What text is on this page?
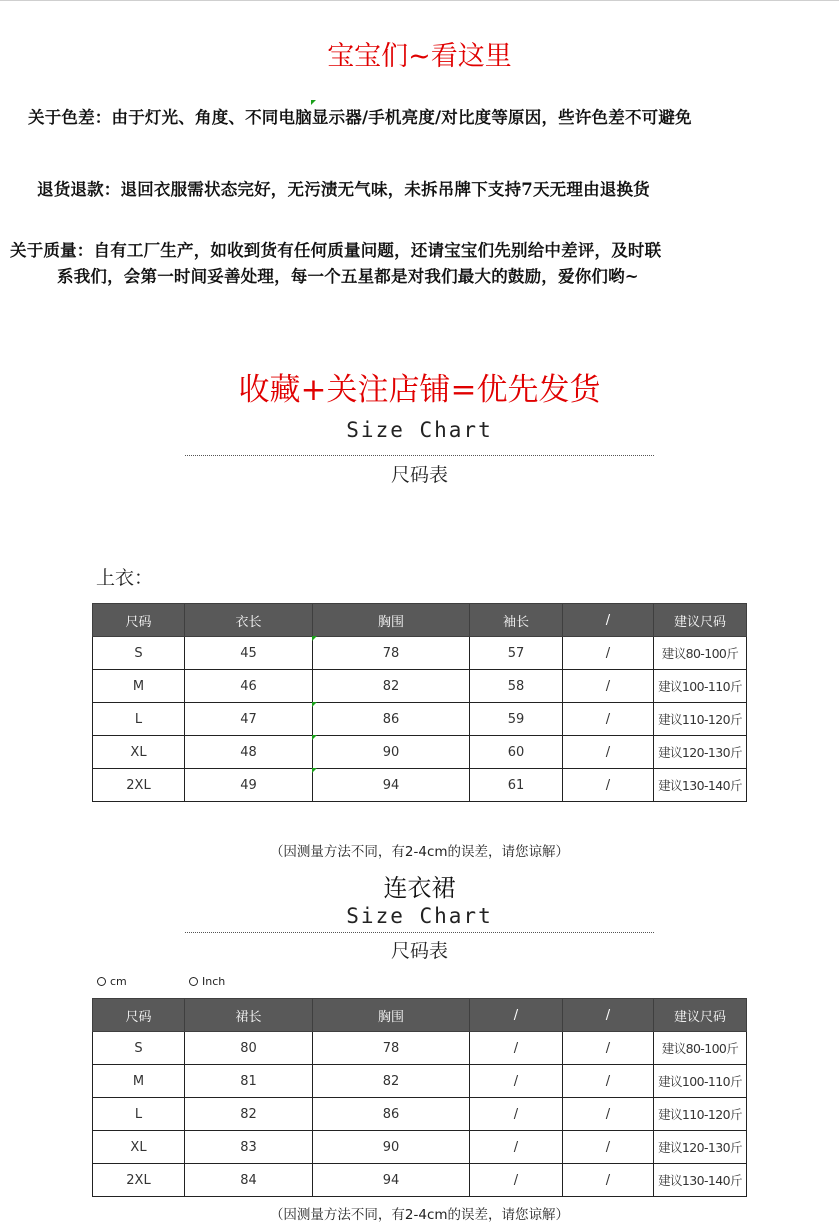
宝宝们~看这里
关于色差：由于灯光、角度、不同电脑显示器/手机亮度/对比度等原因，些许色差不可避免
退货退款：退回衣服需状态完好，无污渍无气味，未拆吊牌下支持7天无理由退换货
关于质量：自有工厂生产，如收到货有任何质量问题，还请宝宝们先别给中差评，及时联
系我们，会第一时间妥善处理，每一个五星都是对我们最大的鼓励，爱你们哟~
收藏+关注店铺=优先发货
Size Chart
尺码表
上衣：
尺码	衣长	胸围	袖长	/	建议尺码
S	45	78	57	/	建议80-100斤
M	46	82	58	/	建议100-110斤
L	47	86	59	/	建议110-120斤
XL	48	90	60	/	建议120-130斤
2XL	49	94	61	/	建议130-140斤
（因测量方法不同，有2-4cm的误差，请您谅解）
连衣裙
Size Chart
尺码表
cm	Inch
尺码	裙长	胸围	/	/	建议尺码
S	80	78	/	/	建议80-100斤
M	81	82	/	/	建议100-110斤
L	82	86	/	/	建议110-120斤
XL	83	90	/	/	建议120-130斤
2XL	84	94	/	/	建议130-140斤
（因测量方法不同，有2-4cm的误差，请您谅解）
